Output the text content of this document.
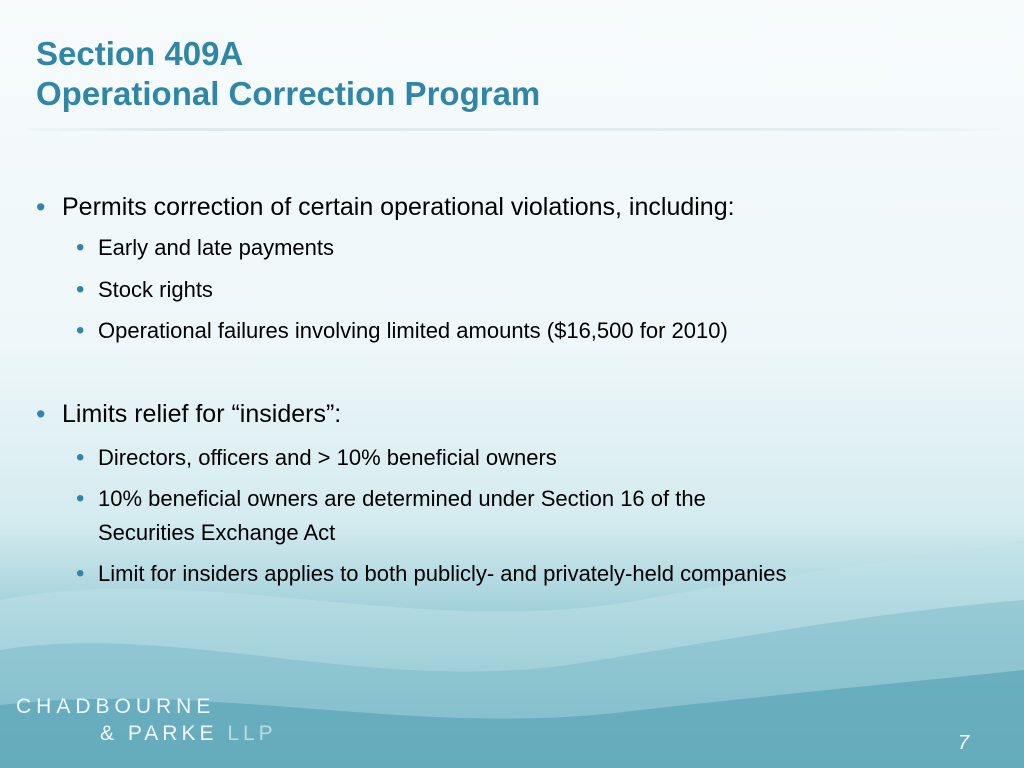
Section 409A
Operational Correction Program
• Permits correction of certain operational violations, including:
• Early and late payments
• Stock rights
• Operational failures involving limited amounts ($16,500 for 2010)
• Limits relief for “insiders”:
• Directors, officers and > 10% beneficial owners
• 10% beneficial owners are determined under Section 16 of the
Securities Exchange Act
• Limit for insiders applies to both publicly- and privately-held companies
CHADBOURNE
& PARKE LLP	7
